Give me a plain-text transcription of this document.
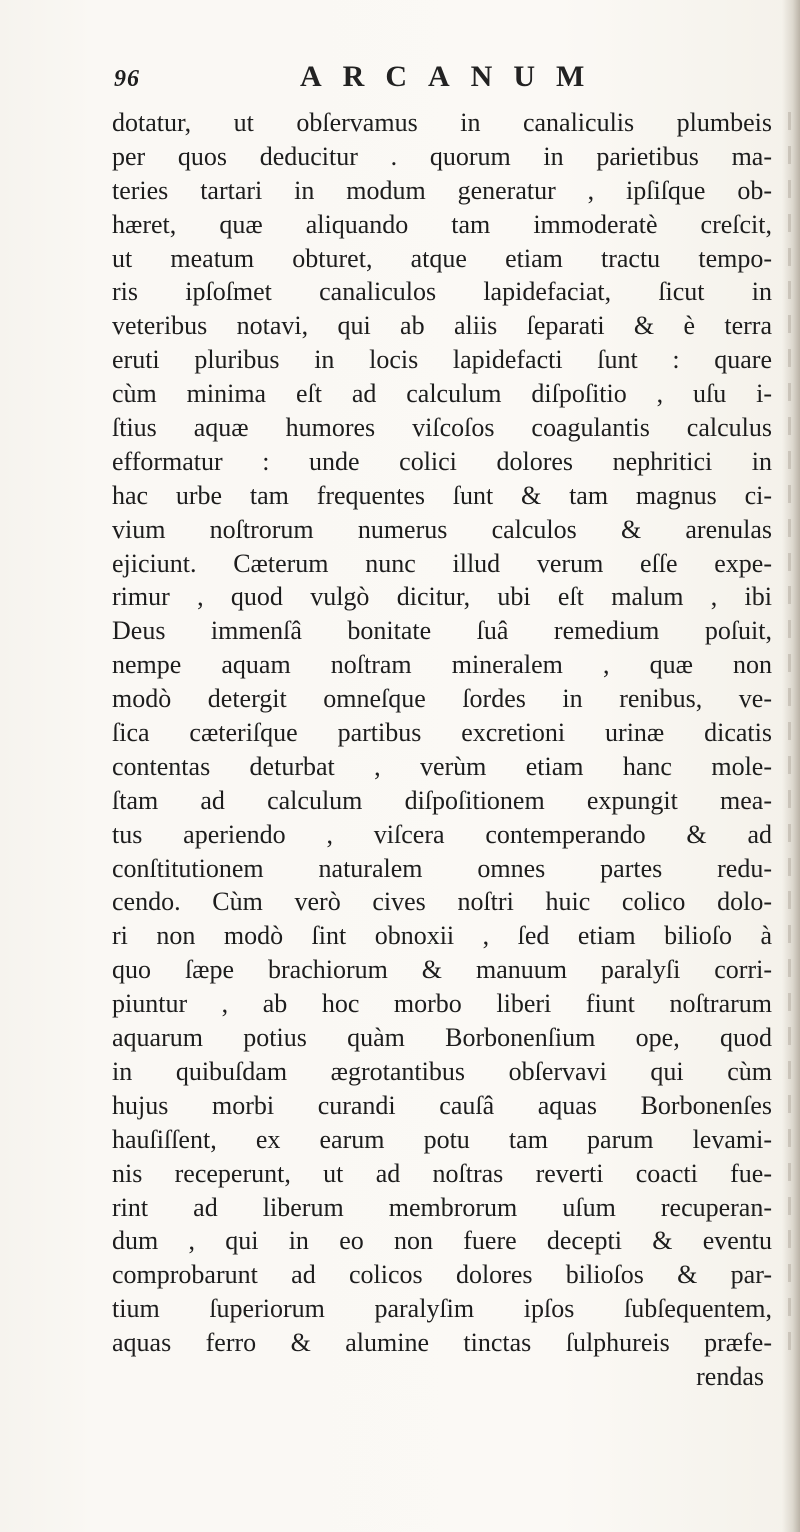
96	ARCANUM
dotatur, ut obſervamus in canaliculis plumbeis
per quos deducitur . quorum in parietibus ma-
teries tartari in modum generatur , ipſiſque ob-
hæret, quæ aliquando tam immoderatè creſcit,
ut meatum obturet, atque etiam tractu tempo-
ris ipſoſmet canaliculos lapidefaciat, ſicut in
veteribus notavi, qui ab aliis ſeparati & è terra
eruti pluribus in locis lapidefacti ſunt : quare
cùm minima eſt ad calculum diſpoſitio , uſu i-
ſtius aquæ humores viſcoſos coagulantis calculus
efformatur : unde colici dolores nephritici in
hac urbe tam frequentes ſunt & tam magnus ci-
vium noſtrorum numerus calculos & arenulas
ejiciunt. Cæterum nunc illud verum eſſe expe-
rimur , quod vulgò dicitur, ubi eſt malum , ibi
Deus immenſâ bonitate ſuâ remedium poſuit,
nempe aquam noſtram mineralem , quæ non
modò detergit omneſque ſordes in renibus, ve-
ſica cæteriſque partibus excretioni urinæ dicatis
contentas deturbat , verùm etiam hanc mole-
ſtam ad calculum diſpoſitionem expungit mea-
tus aperiendo , viſcera contemperando & ad
conſtitutionem naturalem omnes partes redu-
cendo. Cùm verò cives noſtri huic colico dolo-
ri non modò ſint obnoxii , ſed etiam bilioſo à
quo ſæpe brachiorum & manuum paralyſi corri-
piuntur , ab hoc morbo liberi fiunt noſtrarum
aquarum potius quàm Borbonenſium ope, quod
in quibuſdam ægrotantibus obſervavi qui cùm
hujus morbi curandi cauſâ aquas Borbonenſes
hauſiſſent, ex earum potu tam parum levami-
nis receperunt, ut ad noſtras reverti coacti fue-
rint ad liberum membrorum uſum recuperan-
dum , qui in eo non fuere decepti & eventu
comprobarunt ad colicos dolores bilioſos & par-
tium ſuperiorum paralyſim ipſos ſubſequentem,
aquas ferro & alumine tinctas ſulphureis præfe-
rendas
